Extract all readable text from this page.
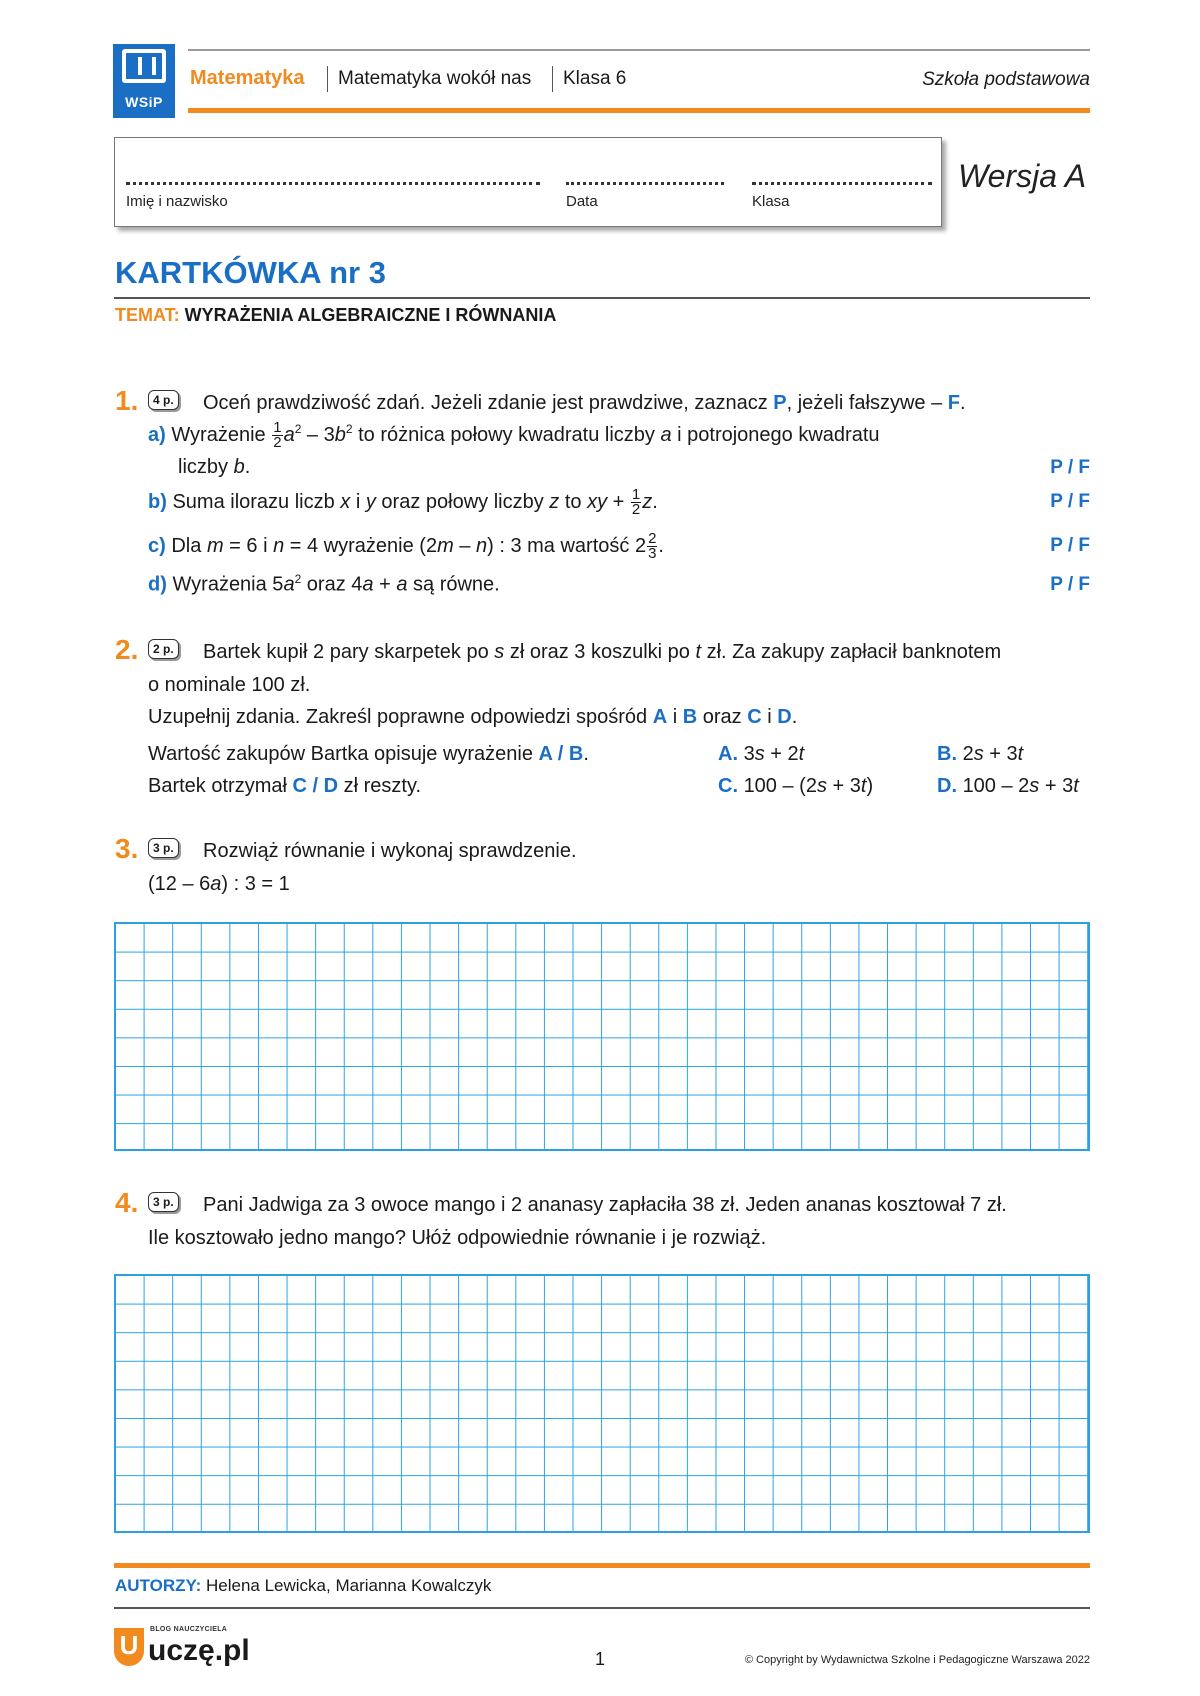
WSiP
Matematyka Matematyka wokół nas Klasa 6	Szkoła podstawowa
Imię i nazwisko	Data	Klasa
Wersja A
KARTKÓWKA nr 3
TEMAT: WYRAŻENIA ALGEBRAICZNE I RÓWNANIA
1.	4 p. Oceń prawdziwość zdań. Jeżeli zdanie jest prawdziwe, zaznacz P, jeżeli fałszywe – F.
a) Wyrażenie $\frac{1}{2} a^2 - 3b^2$ to różnica połowy kwadratu liczby a i potrojonego kwadratu
liczby b.	P / F
b) Suma ilorazu liczb x i y oraz połowy liczby z to xy + $\frac{1}{2} z$.	P / F
c) Dla m = 6 i n = 4 wyrażenie (2m – n) : 3 ma wartość $2 \frac{2}{3}$ .	P / F
d) Wyrażenia $5a^2$ oraz 4a + a są równe.	P / F
2.	2 p. Bartek kupił 2 pary skarpetek po s zł oraz 3 koszulki po t zł. Za zakupy zapłacił banknotem
o nominale 100 zł.
Uzupełnij zdania. Zakreśl poprawne odpowiedzi spośród A i B oraz C i D.
Wartość zakupów Bartka opisuje wyrażenie A / B.
Bartek otrzymał C / D zł reszty.
A. 3s + 2t	B. 2s + 3t
C. 100 – (2s + 3t)	D. 100 – 2s + 3t
3.	3 p. Rozwiąż równanie i wykonaj sprawdzenie.
(12 – 6a) : 3 = 1
4.	3 p. Pani Jadwiga za 3 owoce mango i 2 ananasy zapłaciła 38 zł. Jeden ananas kosztował 7 zł.
Ile kosztowało jedno mango? Ułóż odpowiednie równanie i je rozwiąż.
AUTORZY: Helena Lewicka, Marianna Kowalczyk
U
BLOG NAUCZYCIELA
uczę.pl	1	© Copyright by Wydawnictwa Szkolne i Pedagogiczne Warszawa 2022
